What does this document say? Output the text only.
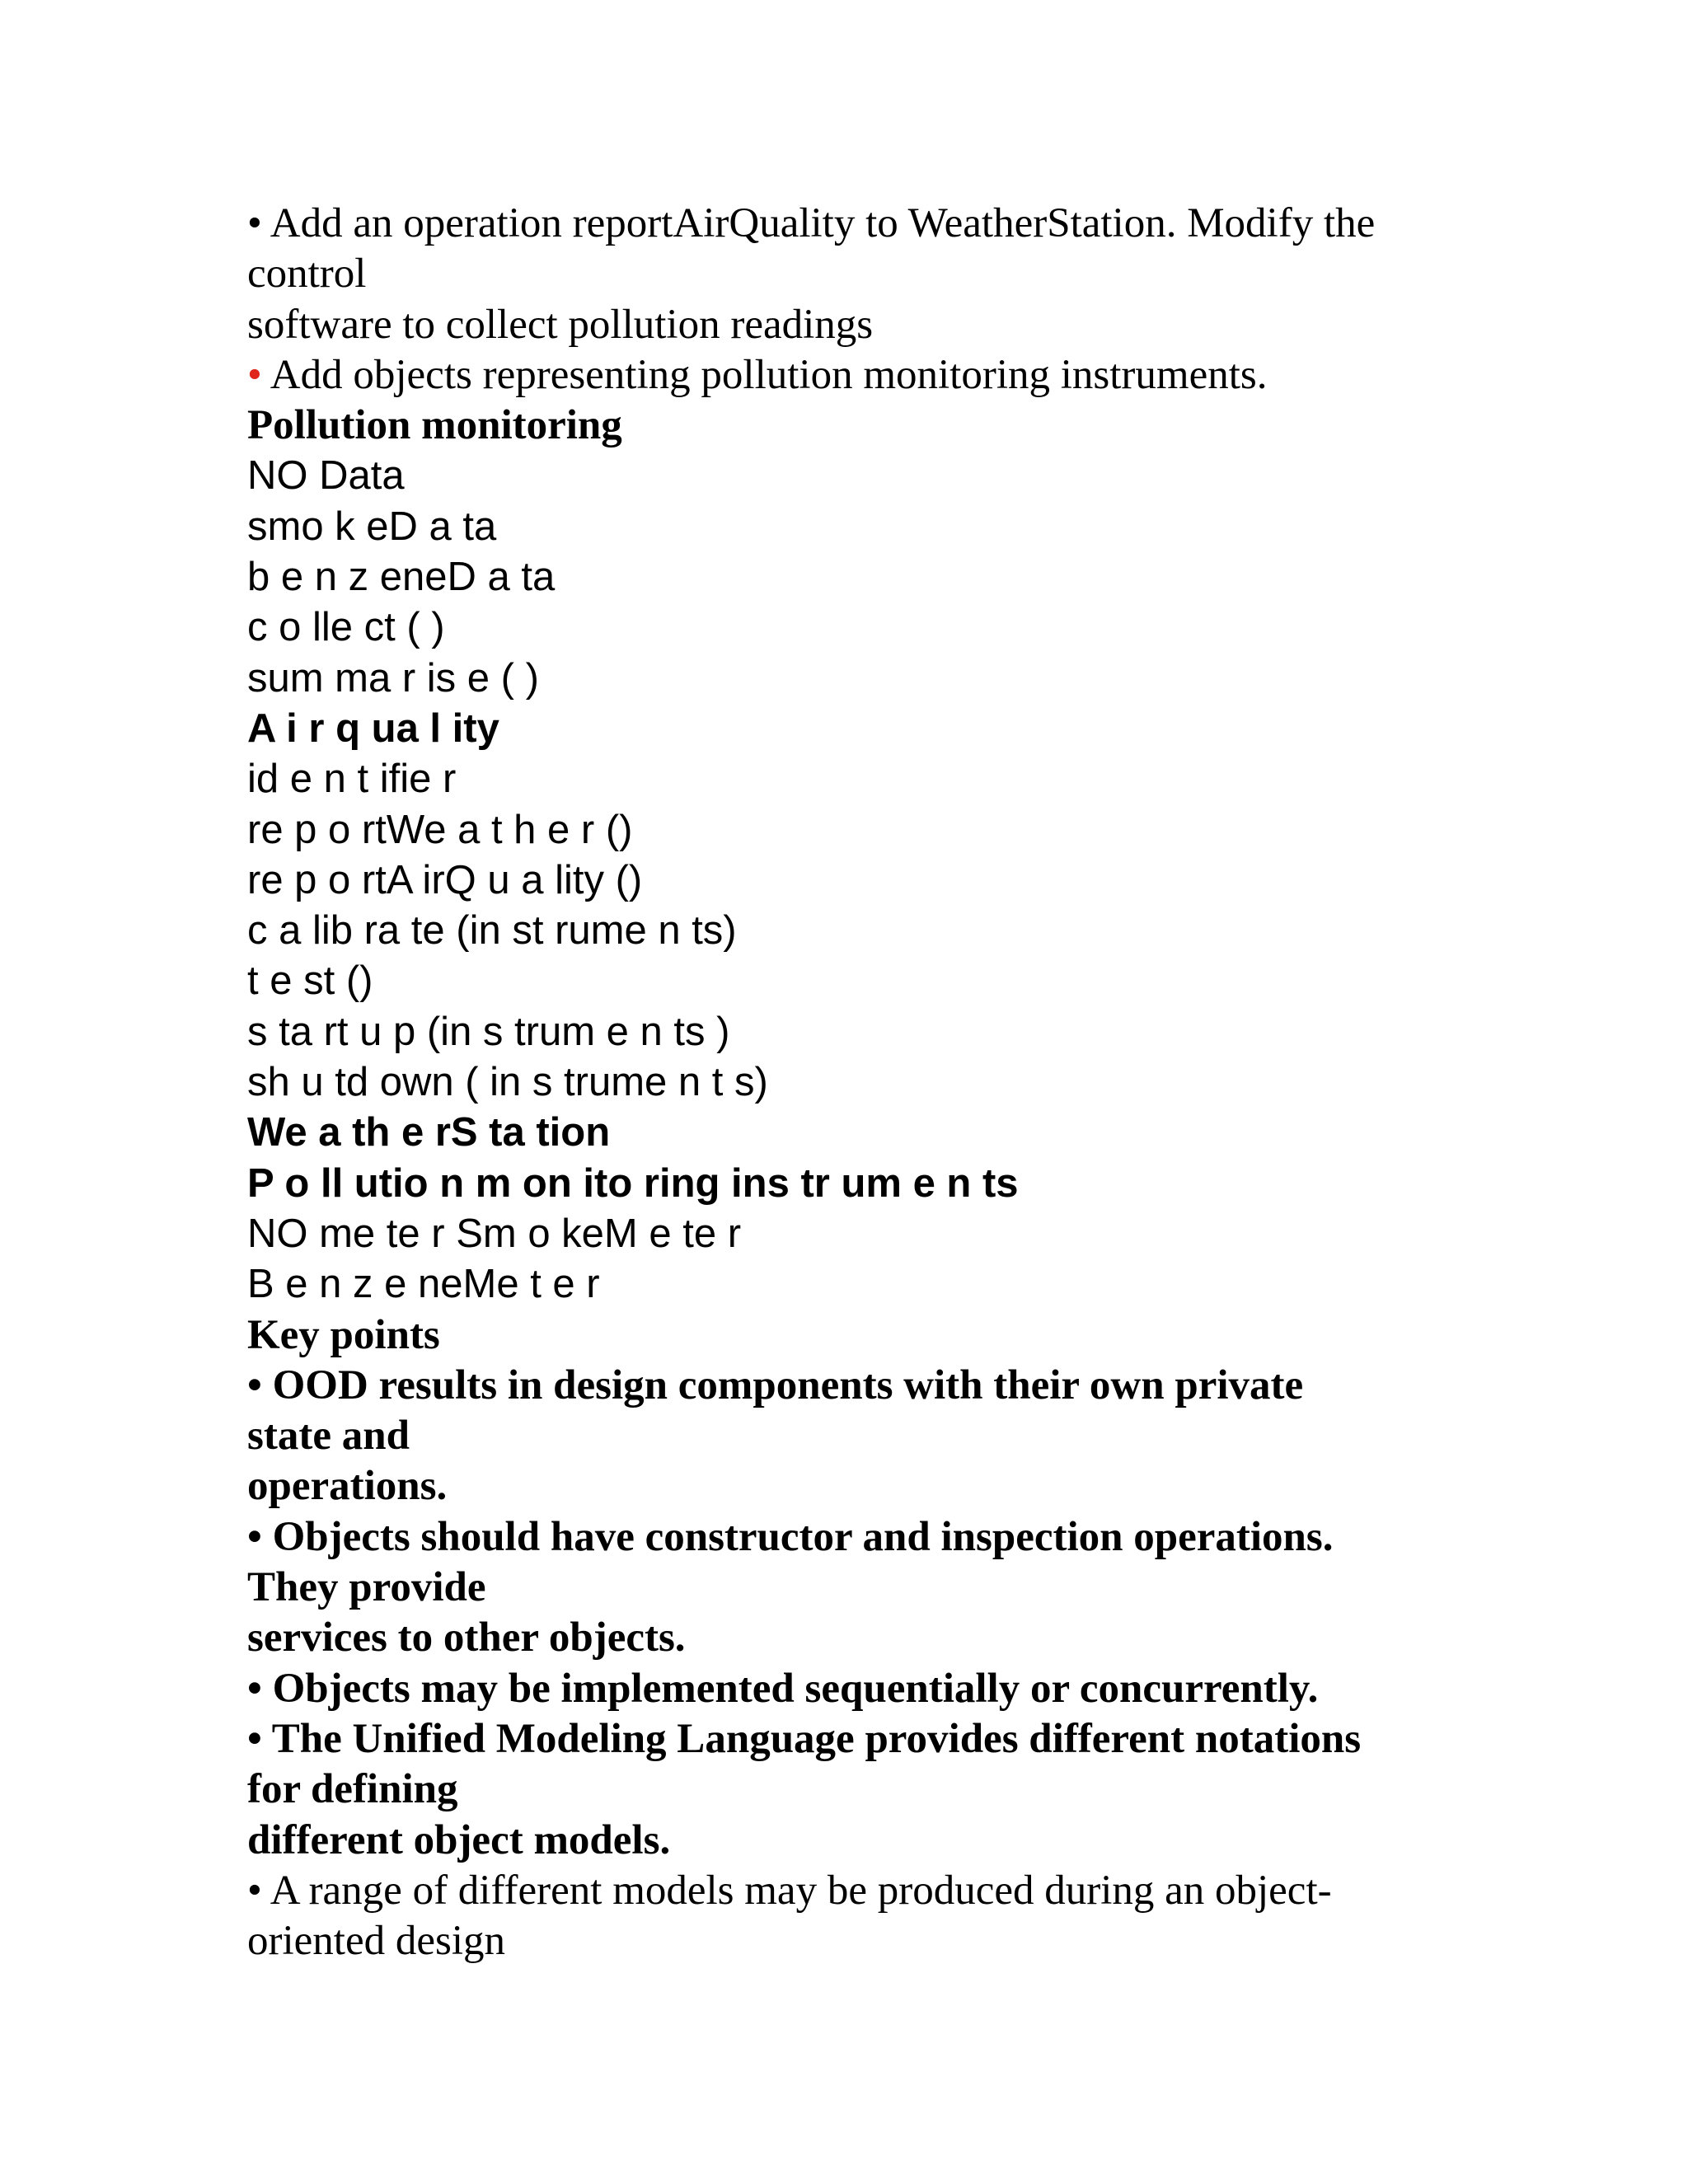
• Add an operation reportAirQuality to WeatherStation. Modify the
control
software to collect pollution readings
• Add objects representing pollution monitoring instruments.
Pollution monitoring
NO Data
smo k eD a ta
b e n z eneD a ta
c o lle ct ( )
sum ma r is e ( )
A i r q ua l ity
id e n t ifie r
re p o rtWe a t h e r ()
re p o rtA irQ u a lity ()
c a lib ra te (in st rume n ts)
t e st ()
s ta rt u p (in s trum e n ts )
sh u td own ( in s trume n t s)
We a th e rS ta tion
P o ll utio n m on ito ring ins tr um e n ts
NO me te r Sm o keM e te r
B e n z e neMe t e r
Key points
• OOD results in design components with their own private
state and
operations.
• Objects should have constructor and inspection operations.
They provide
services to other objects.
• Objects may be implemented sequentially or concurrently.
• The Unified Modeling Language provides different notations
for defining
different object models.
• A range of different models may be produced during an object-
oriented design
